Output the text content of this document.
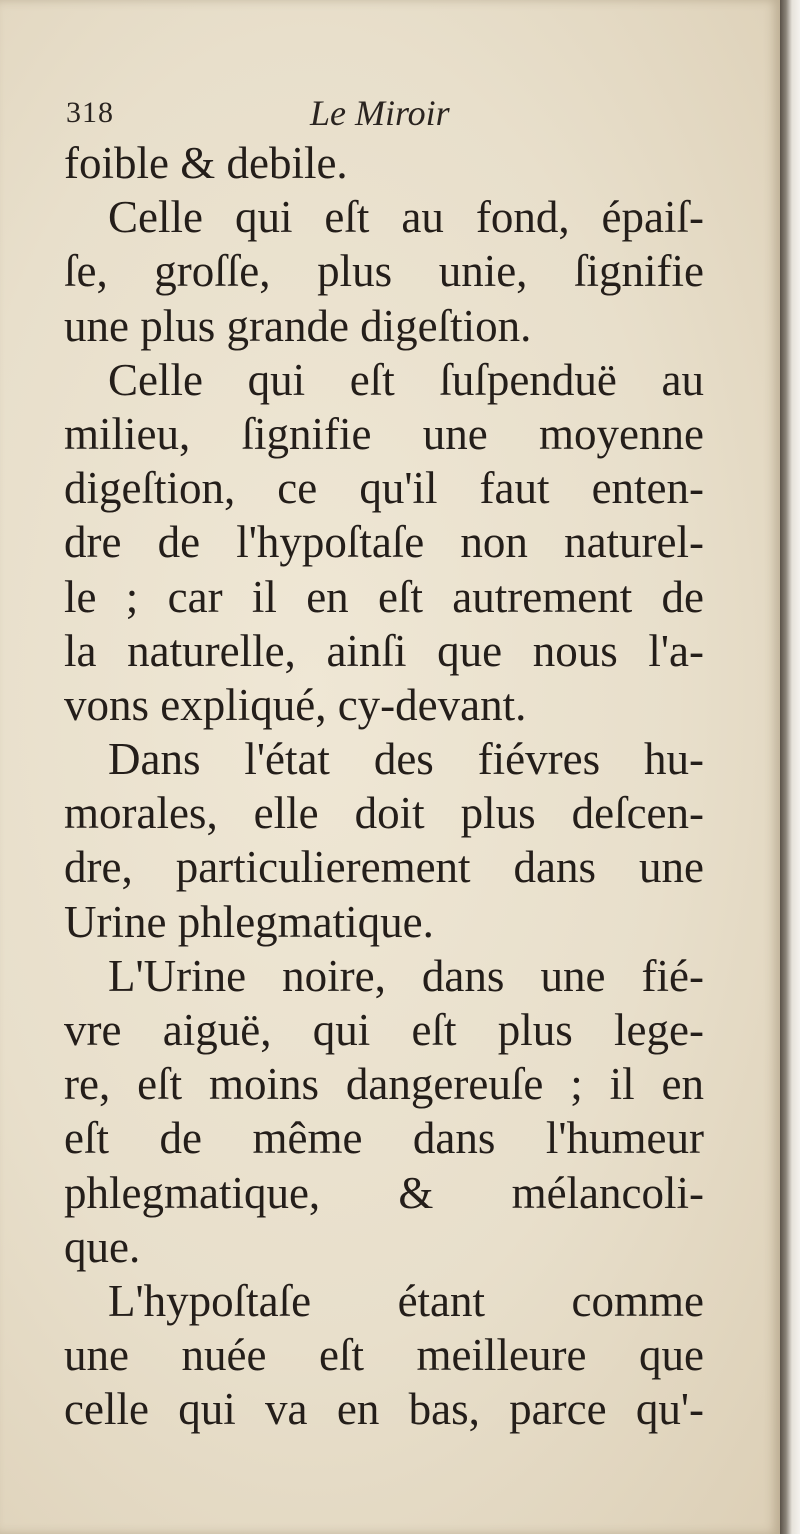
318	Le Miroir
foible & debile.
Celle qui eſt au fond, épaiſ-
ſe, groſſe, plus unie, ſignifie
une plus grande digeſtion.
Celle qui eſt ſuſpenduë au
milieu, ſignifie une moyenne
digeſtion, ce qu'il faut enten-
dre de l'hypoſtaſe non naturel-
le ; car il en eſt autrement de
la naturelle, ainſi que nous l'a-
vons expliqué, cy-devant.
Dans l'état des fiévres hu-
morales, elle doit plus deſcen-
dre, particulierement dans une
Urine phlegmatique.
L'Urine noire, dans une fié-
vre aiguë, qui eſt plus lege-
re, eſt moins dangereuſe ; il en
eſt de même dans l'humeur
phlegmatique, & mélancoli-
que.
L'hypoſtaſe étant comme
une nuée eſt meilleure que
celle qui va en bas, parce qu'-
